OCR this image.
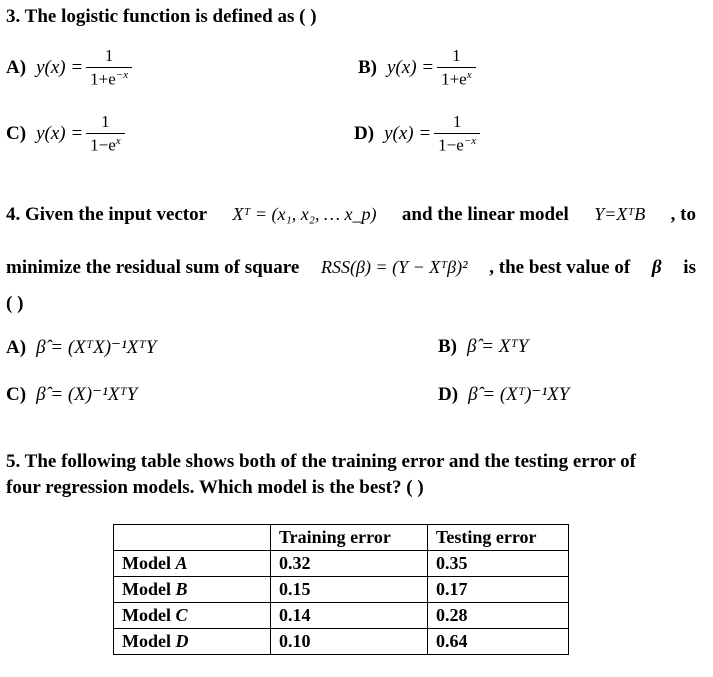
3. The logistic function is defined as ( )
A) $y(x) = \frac{1}{1+e^{-x}}$	B) $y(x) = \frac{1}{1+e^x}$
C) $y(x) = \frac{1}{1-e^x}$	D) $y(x) = \frac{1}{1-e^{-x}}$
4. Given the input vector Xᵀ = (x₁, x₂, … x_p) and the linear model Y=XᵀΒ , to
minimize the residual sum of square RSS(β) = (Y − Xᵀβ)² , the best value of β is
( )
A) β̂ = (XᵀX)⁻¹XᵀY	B) β̂ = XᵀY
C) β̂ = (X)⁻¹XᵀY	D) β̂ = (Xᵀ)⁻¹XY
5. The following table shows both of the training error and the testing error of
four regression models. Which model is the best? ( )
	Training error	Testing error
Model A	0.32	0.35
Model B	0.15	0.17
Model C	0.14	0.28
Model D	0.10	0.64
